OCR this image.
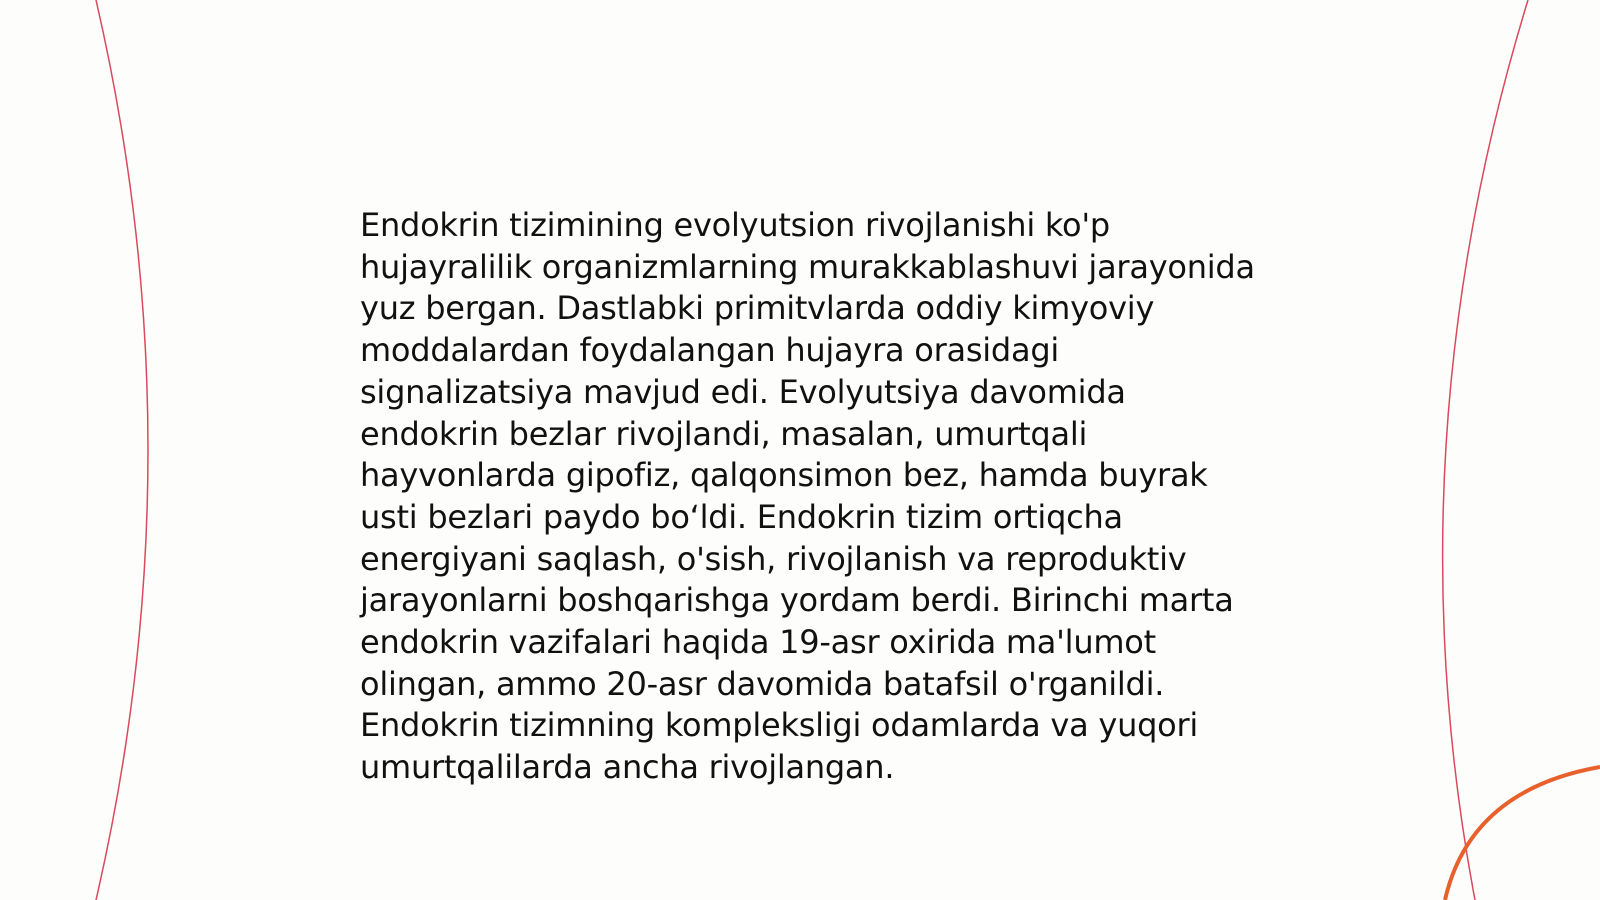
Endokrin tizimining evolyutsion rivojlanishi ko'p hujayralilik organizmlarning murakkablashuvi jarayonida yuz bergan. Dastlabki primitvlarda oddiy kimyoviy moddalardan foydalangan hujayra orasidagi signalizatsiya mavjud edi. Evolyutsiya davomida endokrin bezlar rivojlandi, masalan, umurtqali hayvonlarda gipofiz, qalqonsimon bez, hamda buyrak usti bezlari paydo boʻldi. Endokrin tizim ortiqcha energiyani saqlash, o'sish, rivojlanish va reproduktiv jarayonlarni boshqarishga yordam berdi. Birinchi marta endokrin vazifalari haqida 19-asr oxirida ma'lumot olingan, ammo 20-asr davomida batafsil o'rganildi. Endokrin tizimning kompleksligi odamlarda va yuqori umurtqalilarda ancha rivojlangan.
